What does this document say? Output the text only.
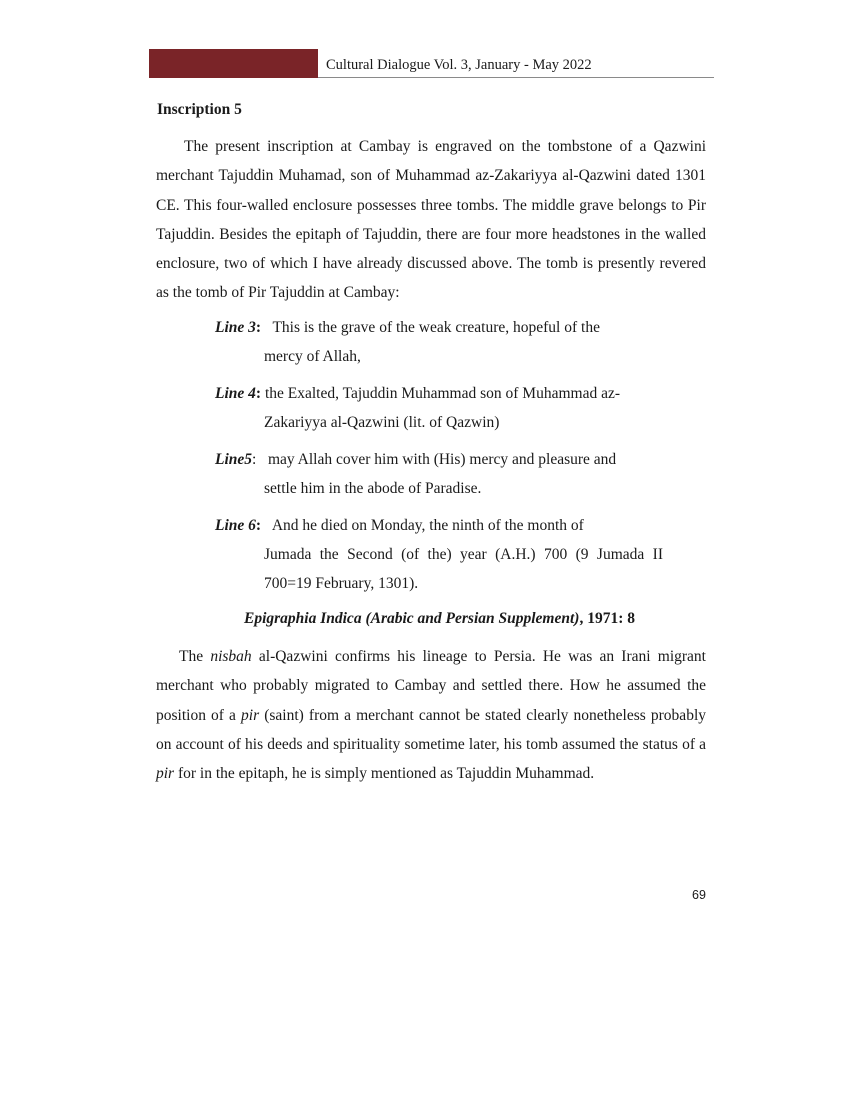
Cultural Dialogue Vol. 3, January - May 2022
Inscription 5

The present inscription at Cambay is engraved on the tombstone of a Qazwini merchant Tajuddin Muhamad, son of Muhammad az-Zakariyya al-Qazwini dated 1301 CE. This four-walled enclosure possesses three tombs. The middle grave belongs to Pir Tajuddin. Besides the epitaph of Tajuddin, there are four more headstones in the walled enclosure, two of which I have already discussed above. The tomb is presently revered as the tomb of Pir Tajuddin at Cambay:

Line 3: This is the grave of the weak creature, hopeful of the
mercy of Allah,

Line 4: the Exalted, Tajuddin Muhammad son of Muhammad az-
Zakariyya al-Qazwini (lit. of Qazwin)

Line5: may Allah cover him with (His) mercy and pleasure and
settle him in the abode of Paradise.

Line 6: And he died on Monday, the ninth of the month of
Jumada the Second (of the) year (A.H.) 700 (9 Jumada II 700=19 February, 1301).

Epigraphia Indica (Arabic and Persian Supplement), 1971: 8

The nisbah al-Qazwini confirms his lineage to Persia. He was an Irani migrant merchant who probably migrated to Cambay and settled there. How he assumed the position of a pir (saint) from a merchant cannot be stated clearly nonetheless probably on account of his deeds and spirituality sometime later, his tomb assumed the status of a pir for in the epitaph, he is simply mentioned as Tajuddin Muhammad.

69
